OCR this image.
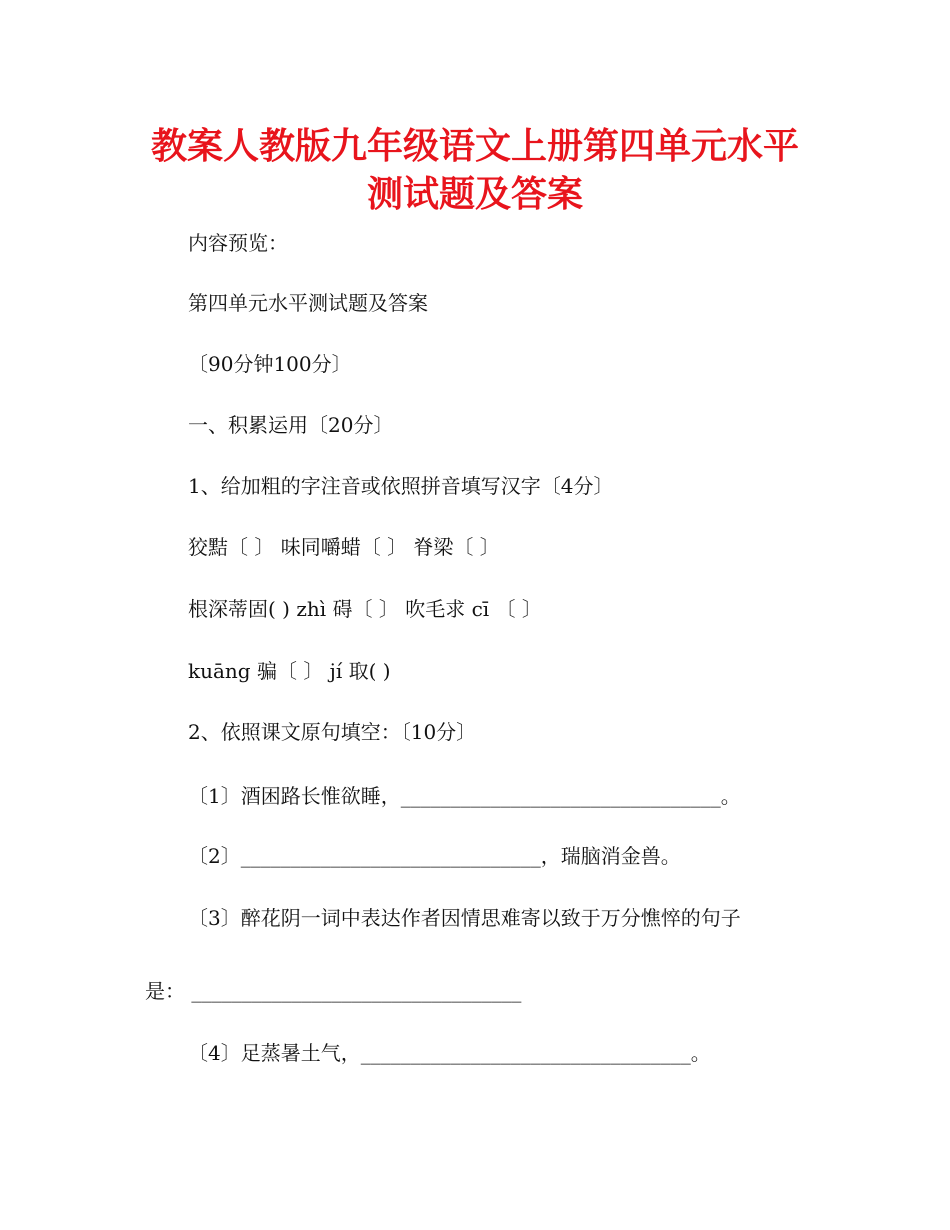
教案人教版九年级语文上册第四单元水平
测试题及答案
内容预览：
第四单元水平测试题及答案
〔90分钟100分〕
一、积累运用〔20分〕
1、给加粗的字注音或依照拼音填写汉字〔4分〕
狡黠〔 〕 味同嚼蜡〔 〕 脊梁〔 〕
根深蒂固( ) zhì 碍〔 〕 吹毛求 cī 〔 〕
kuāng 骗〔 〕 jí 取( )
2、依照课文原句填空：〔10分〕
〔1〕酒困路长惟欲睡，________________________________。
〔2〕______________________________，瑞脑消金兽。
〔3〕醉花阴一词中表达作者因情思难寄以致于万分憔悴的句子
是： _________________________________
〔4〕足蒸暑土气，_________________________________。
